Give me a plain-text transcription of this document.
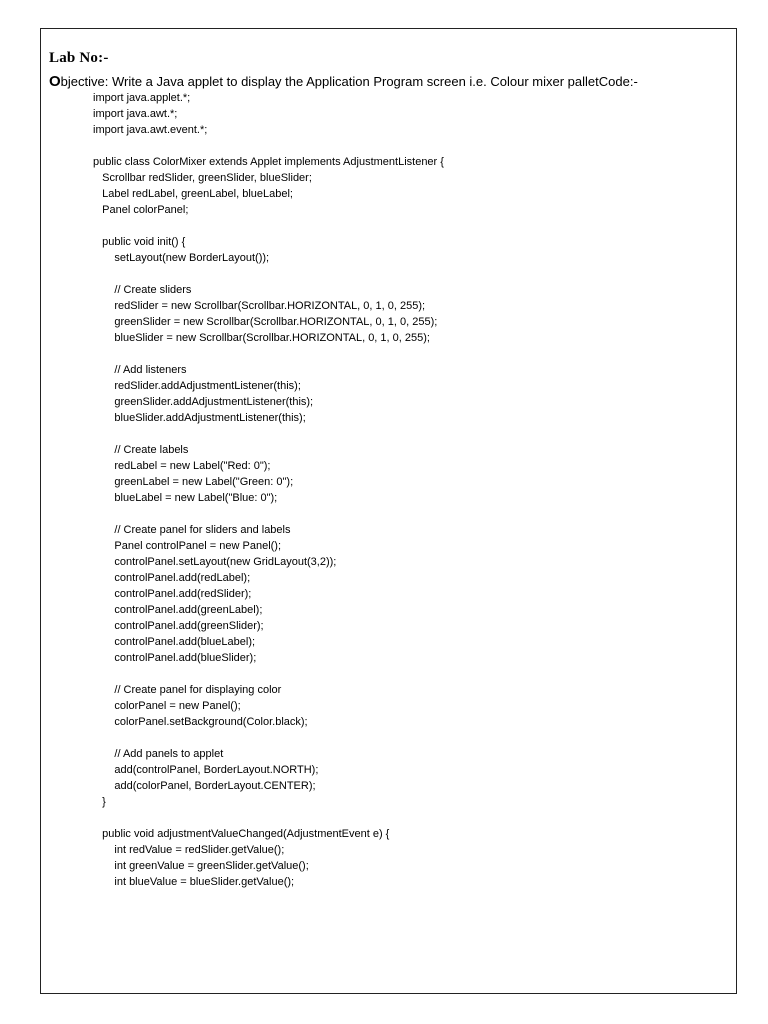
Lab No:-
Objective: Write a Java applet to display the Application Program screen i.e. Colour mixer palletCode:-
import java.applet.*;
import java.awt.*;
import java.awt.event.*;
public class ColorMixer extends Applet implements AdjustmentListener {
Scrollbar redSlider, greenSlider, blueSlider;
Label redLabel, greenLabel, blueLabel;
Panel colorPanel;
public void init() {
setLayout(new BorderLayout());
// Create sliders
redSlider = new Scrollbar(Scrollbar.HORIZONTAL, 0, 1, 0, 255);
greenSlider = new Scrollbar(Scrollbar.HORIZONTAL, 0, 1, 0, 255);
blueSlider = new Scrollbar(Scrollbar.HORIZONTAL, 0, 1, 0, 255);
// Add listeners
redSlider.addAdjustmentListener(this);
greenSlider.addAdjustmentListener(this);
blueSlider.addAdjustmentListener(this);
// Create labels
redLabel = new Label("Red: 0");
greenLabel = new Label("Green: 0");
blueLabel = new Label("Blue: 0");
// Create panel for sliders and labels
Panel controlPanel = new Panel();
controlPanel.setLayout(new GridLayout(3,2));
controlPanel.add(redLabel);
controlPanel.add(redSlider);
controlPanel.add(greenLabel);
controlPanel.add(greenSlider);
controlPanel.add(blueLabel);
controlPanel.add(blueSlider);
// Create panel for displaying color
colorPanel = new Panel();
colorPanel.setBackground(Color.black);
// Add panels to applet
add(controlPanel, BorderLayout.NORTH);
add(colorPanel, BorderLayout.CENTER);
}
public void adjustmentValueChanged(AdjustmentEvent e) {
int redValue = redSlider.getValue();
int greenValue = greenSlider.getValue();
int blueValue = blueSlider.getValue();
